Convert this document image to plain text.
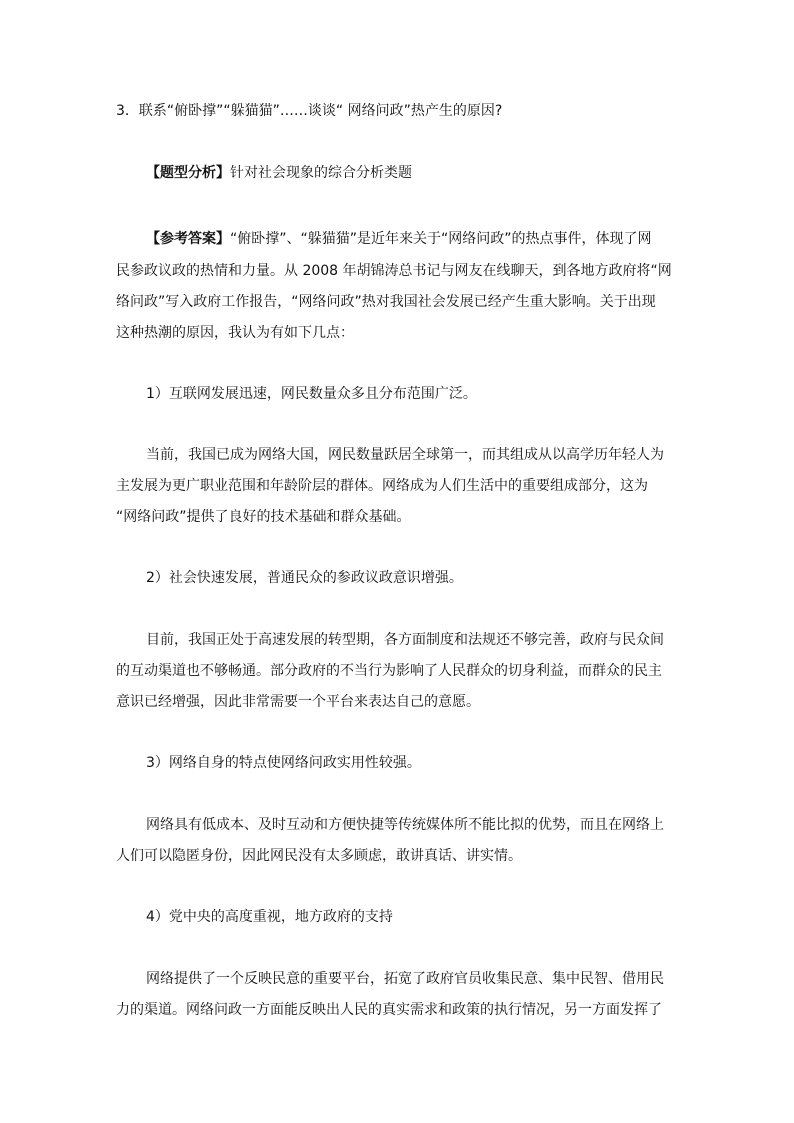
3．联系“俯卧撑”“躲猫猫”……谈谈“ 网络问政”热产生的原因?
【题型分析】针对社会现象的综合分析类题
【参考答案】“俯卧撑”、“躲猫猫”是近年来关于“网络问政”的热点事件，体现了网
民参政议政的热情和力量。从 2008 年胡锦涛总书记与网友在线聊天，到各地方政府将“网
络问政”写入政府工作报告，“网络问政”热对我国社会发展已经产生重大影响。关于出现
这种热潮的原因，我认为有如下几点：
1）互联网发展迅速，网民数量众多且分布范围广泛。
当前，我国已成为网络大国，网民数量跃居全球第一，而其组成从以高学历年轻人为
主发展为更广职业范围和年龄阶层的群体。网络成为人们生活中的重要组成部分，这为
“网络问政”提供了良好的技术基础和群众基础。
2）社会快速发展，普通民众的参政议政意识增强。
目前，我国正处于高速发展的转型期，各方面制度和法规还不够完善，政府与民众间
的互动渠道也不够畅通。部分政府的不当行为影响了人民群众的切身利益，而群众的民主
意识已经增强，因此非常需要一个平台来表达自己的意愿。
3）网络自身的特点使网络问政实用性较强。
网络具有低成本、及时互动和方便快捷等传统媒体所不能比拟的优势，而且在网络上
人们可以隐匿身份，因此网民没有太多顾虑，敢讲真话、讲实情。
4）党中央的高度重视，地方政府的支持
网络提供了一个反映民意的重要平台，拓宽了政府官员收集民意、集中民智、借用民
力的渠道。网络问政一方面能反映出人民的真实需求和政策的执行情况，另一方面发挥了
